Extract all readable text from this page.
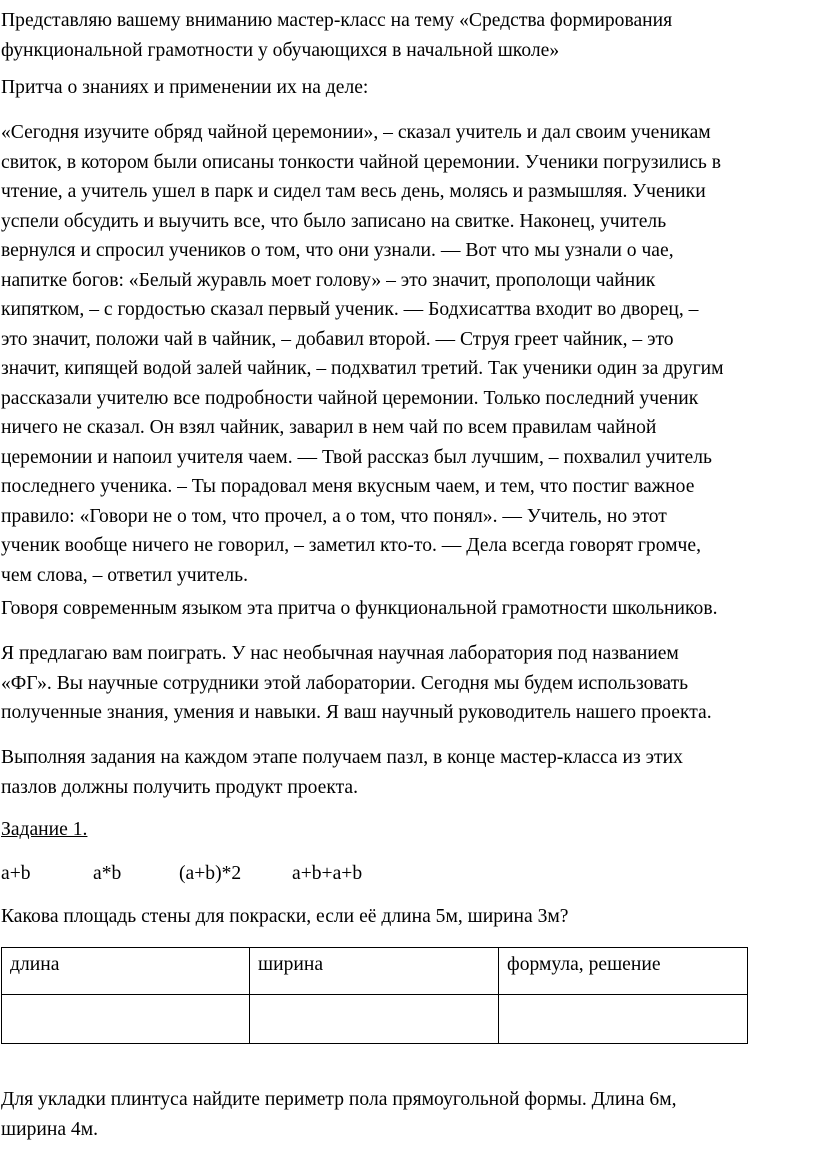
Представляю вашему вниманию мастер-класс на тему «Средства формирования
функциональной грамотности у обучающихся в начальной школе»

Притча о знаниях и применении их на деле:

«Сегодня изучите обряд чайной церемонии», – сказал учитель и дал своим ученикам
свиток, в котором были описаны тонкости чайной церемонии. Ученики погрузились в
чтение, а учитель ушел в парк и сидел там весь день, молясь и размышляя. Ученики
успели обсудить и выучить все, что было записано на свитке. Наконец, учитель
вернулся и спросил учеников о том, что они узнали. — Вот что мы узнали о чае,
напитке богов: «Белый журавль моет голову» – это значит, прополощи чайник
кипятком, – с гордостью сказал первый ученик. — Бодхисаттва входит во дворец, –
это значит, положи чай в чайник, – добавил второй. — Струя греет чайник, – это
значит, кипящей водой залей чайник, – подхватил третий. Так ученики один за другим
рассказали учителю все подробности чайной церемонии. Только последний ученик
ничего не сказал. Он взял чайник, заварил в нем чай по всем правилам чайной
церемонии и напоил учителя чаем. — Твой рассказ был лучшим, – похвалил учитель
последнего ученика. – Ты порадовал меня вкусным чаем, и тем, что постиг важное
правило: «Говори не о том, что прочел, а о том, что понял». — Учитель, но этот
ученик вообще ничего не говорил, – заметил кто-то. — Дела всегда говорят громче,
чем слова, – ответил учитель.

Говоря современным языком эта притча о функциональной грамотности школьников.

Я предлагаю вам поиграть. У нас необычная научная лаборатория под названием
«ФГ». Вы научные сотрудники этой лаборатории. Сегодня мы будем использовать
полученные знания, умения и навыки. Я ваш научный руководитель нашего проекта.

Выполняя задания на каждом этапе получаем пазл, в конце мастер-класса из этих
пазлов должны получить продукт проекта.

Задание 1.

a+b	a*b	(a+b)*2	a+b+a+b

Какова площадь стены для покраски, если её длина 5м, ширина 3м?

длина	ширина	формула, решение

Для укладки плинтуса найдите периметр пола прямоугольной формы. Длина 6м,
ширина 4м.
